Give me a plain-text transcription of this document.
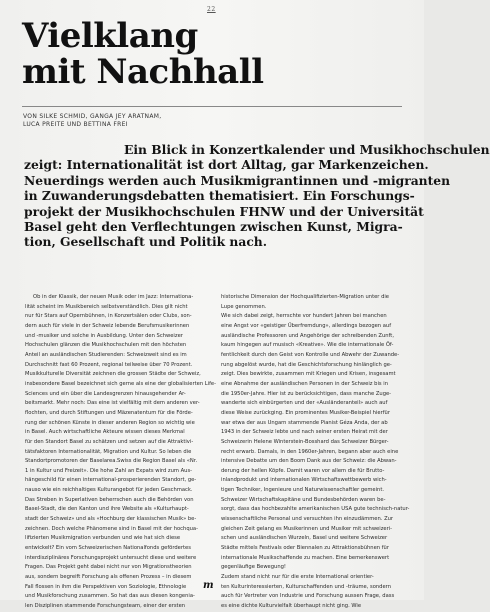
22
Vielklang
mit Nachhall
VON SILKE SCHMID, GANGA JEY ARATNAM,
LUCA PREITE UND BETTINA FREI

Ein Blick in Konzertkalender und Musikhochschulen
zeigt: Internationalität ist dort Alltag, gar Markenzeichen.
Neuerdings werden auch Musikmigrantinnen und -migranten
in Zuwanderungsdebatten thematisiert. Ein Forschungs-
projekt der Musikhochschulen FHNW und der Universität
Basel geht den Verflechtungen zwischen Kunst, Migra-
tion, Gesellschaft und Politik nach.

Ob in der Klassik, der neuen Musik oder im Jazz: Internationa-
lität scheint im Musikbereich selbstverständlich. Dies gilt nicht
nur für Stars auf Opernbühnen, in Konzertsälen oder Clubs, son-
dern auch für viele in der Schweiz lebende Berufsmusikerinnen
und -musiker und solche in Ausbildung. Unter den Schweizer
Hochschulen glänzen die Musikhochschulen mit den höchsten
Anteil an ausländischen Studierenden: Schweizweit sind es im
Durchschnitt fast 60 Prozent, regional teilweise über 70 Prozent.
Musikkulturelle Diversität zeichnen die grossen Städte der Schweiz,
insbesondere Basel bezeichnet sich gerne als eine der globalisierten Life-
Sciences und ein über die Landesgrenzen hinausgehender Ar-
beitsmarkt. Mehr noch: Das eine ist vielfältig mit dem anderen ver-
flochten, und durch Stiftungen und Mäzenatentum für die Förde-
rung der schönen Künste in dieser anderen Region so wichtig wie
in Basel. Auch wirtschaftliche Akteure wissen dieses Merkmal
für den Standort Basel zu schätzen und setzen auf die Attraktivi-
tätsfaktoren Internationalität, Migration und Kultur. So leben die
Standortpromotoren der Baselarea.Swiss die Region Basel als «Nr.
1 in Kultur und Freizeit». Die hohe Zahl an Expats wird zum Aus-
hängeschild für einen international-prosperierenden Standort, ge-
nauso wie ein reichhaltiges Kulturangebot für jeden Geschmack.
Das Streben in Superlativen beherrschen auch die Behörden von
Basel-Stadt, die den Kanton und ihre Website als «Kulturhaupt-
stadt der Schweiz» und als «Hochburg der klassischen Musik» be-
zeichnen. Doch welche Phänomene sind in Basel mit der hochqua-
lifizierten Musikmigration verbunden und wie hat sich diese
entwickelt? Ein vom Schweizerischen Nationalfonds gefördertes
interdisziplinäres Forschungsprojekt untersucht diese und weitere
Fragen. Das Projekt geht dabei nicht nur von Migrationstheorien
aus, sondern begreift Forschung als offenen Prozess – in diesem
Fall flossen in ihm die Perspektiven von Soziologie, Ethnologie
und Musikforschung zusammen. So hat das aus diesen kongenia-
len Disziplinen stammende Forschungsteam, einer der ersten
historische Dimension der Hochqualifizierten-Migration unter die
Lupe genommen.
Wie sich dabei zeigt, herrschte vor hundert Jahren bei manchen
eine Angst vor «geistiger Überfremdung», allerdings bezogen auf
ausländische Professoren und Angehörige der schreibenden Zunft,
kaum hingegen auf musisch «Kreative». Wie die internationale Öf-
fentlichkeit durch den Geist von Kontrolle und Abwehr der Zuwande-
rung abgelöst wurde, hat die Geschichtsforschung hinlänglich ge-
zeigt. Dies bewirkte, zusammen mit Kriegen und Krisen, insgesamt
eine Abnahme der ausländischen Personen in der Schweiz bis in
die 1950er-Jahre. Hier ist zu berücksichtigen, dass manche Zuge-
wanderte sich einbürgerten und der «Ausländeranteil» auch auf
diese Weise zurückging. Ein prominentes Musiker-Beispiel hierfür
war etwa der aus Ungarn stammende Pianist Géza Anda, der ab
1943 in der Schweiz lebte und nach seiner ersten Heirat mit der
Schweizerin Helene Winterstein-Bosshard das Schweizer Bürger-
recht erwarb. Damals, in den 1960er-Jahren, begann aber auch eine
intensive Debatte um den Boom Dank aus der Schweiz: die Abwan-
derung der hellen Köpfe. Damit waren vor allem die für Brutto-
inlandprodukt und internationalen Wirtschaftswettbewerb wich-
tigen Techniker, Ingenieure und Naturwissenschaftler gemeint.
Schweizer Wirtschaftskapitäne und Bundesbehörden waren be-
sorgt, dass das hochbezahlte amerikanischen USA gute technisch-natur-
wissenschaftliche Personal und versuchten ihn einzudämmen. Zur
gleichen Zeit gelang es Musikerinnen und Musiker mit schweizeri-
schen und ausländischen Wurzeln, Basel und weitere Schweizer
Städte mittels Festivals oder Biennalen zu Attraktionsbühnen für
internationale Musikschaffende zu machen. Eine bemerkenswert
gegenläufige Bewegung!
Zudem stand nicht nur für die erste International orientier-
ten Kulturinteressierten, Kulturschaffenden und -träume, sondern
auch für Vertreter von Industrie und Forschung aussen Frage, dass
es eine dichte Kulturvielfalt überhaupt nicht ging. Wie
m
